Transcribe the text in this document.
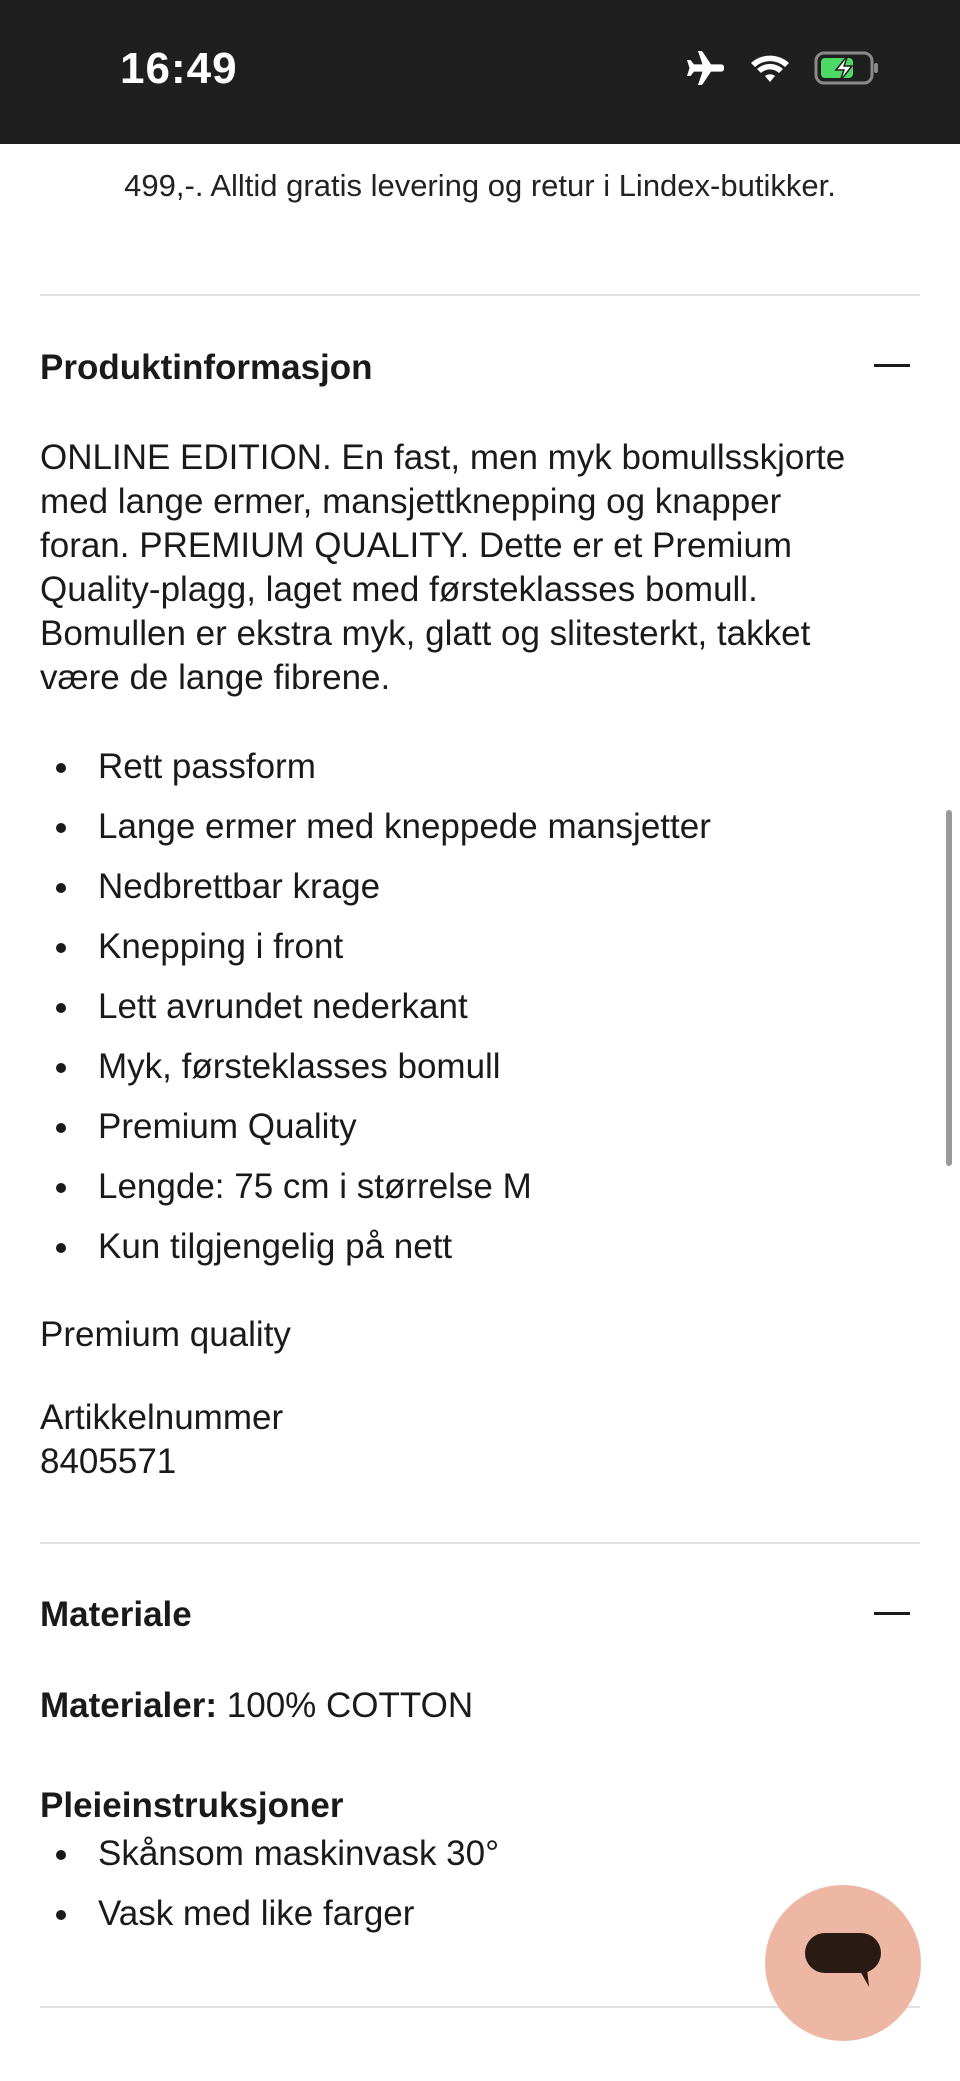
16:49
499,-. Alltid gratis levering og retur i Lindex-butikker.
Produktinformasjon
ONLINE EDITION. En fast, men myk bomullsskjorte
med lange ermer, mansjettknepping og knapper
foran. PREMIUM QUALITY. Dette er et Premium
Quality-plagg, laget med førsteklasses bomull.
Bomullen er ekstra myk, glatt og slitesterkt, takket
være de lange fibrene.
Rett passform
Lange ermer med kneppede mansjetter
Nedbrettbar krage
Knepping i front
Lett avrundet nederkant
Myk, førsteklasses bomull
Premium Quality
Lengde: 75 cm i størrelse M
Kun tilgjengelig på nett
Premium quality
Artikkelnummer
8405571
Materiale
Materialer: 100% COTTON
Pleieinstruksjoner
Skånsom maskinvask 30°
Vask med like farger
